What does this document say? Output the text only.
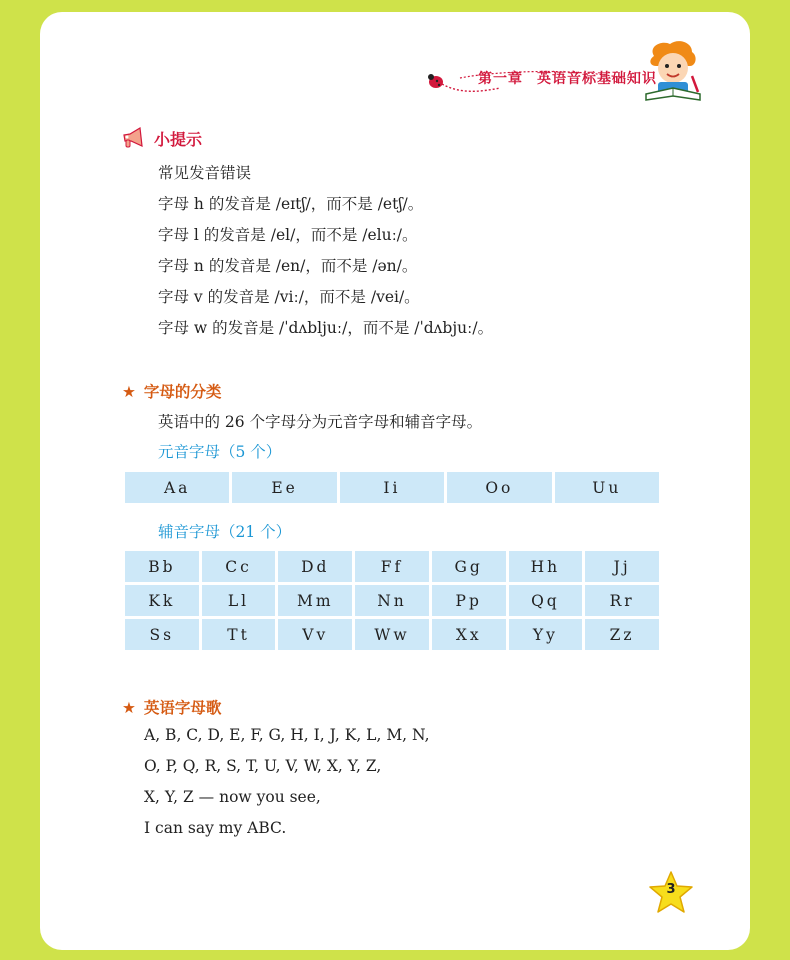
第一章 英语音标基础知识
小提示
常见发音错误
字母 h 的发音是 /eɪtʃ/，而不是 /etʃ/。
字母 l 的发音是 /el/，而不是 /eluː/。
字母 n 的发音是 /en/，而不是 /ən/。
字母 v 的发音是 /viː/，而不是 /vei/。
字母 w 的发音是 /ˈdʌbljuː/，而不是 /ˈdʌbjuː/。
★ 字母的分类
英语中的 26 个字母分为元音字母和辅音字母。
元音字母（5 个）
Aa	Ee	Ii	Oo	Uu
辅音字母（21 个）
Bb	Cc	Dd	Ff	Gg	Hh	Jj
Kk	Ll	Mm	Nn	Pp	Qq	Rr
Ss	Tt	Vv	Ww	Xx	Yy	Zz
★ 英语字母歌
A, B, C, D, E, F, G, H, I, J, K, L, M, N,
O, P, Q, R, S, T, U, V, W, X, Y, Z,
X, Y, Z — now you see,
I can say my ABC.
3
